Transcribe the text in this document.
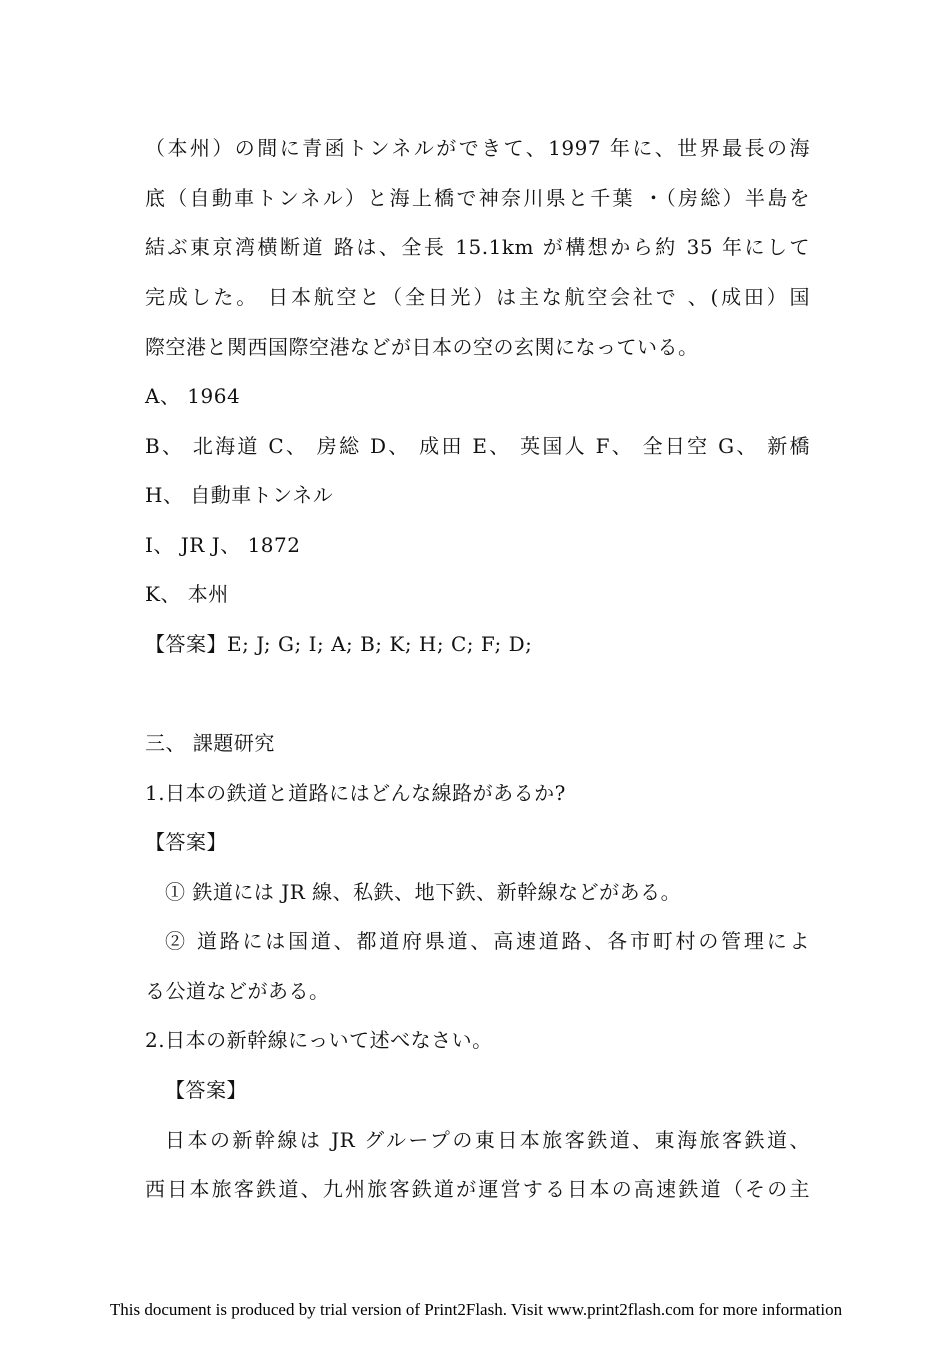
（本州）の間に青函トンネルができて、1997 年に、世界最長の海
底（自動車トンネル）と海上橋で神奈川県と千葉 ・（房総）半島を
結ぶ東京湾横断道 路は、全長 15.1km が構想から約 35 年にして
完成した。 日本航空と（全日光）は主な航空会社で 、(成田）国
際空港と関西国際空港などが日本の空の玄関になっている。
A、 1964
B、 北海道 C、 房総 D、 成田 E、 英国人 F、 全日空 G、 新橋
H、 自動車トンネル
I、 JR J、 1872
K、 本州
【答案】E; J; G; I; A; B; K; H; C; F; D;
三、 課題研究
1.日本の鉄道と道路にはどんな線路があるか?
【答案】
① 鉄道には JR 線、私鉄、地下鉄、新幹線などがある。
② 道路には国道、都道府県道、高速道路、各市町村の管理によ
る公道などがある。
2.日本の新幹線にっいて述べなさい。
【答案】
日本の新幹線は JR グループの東日本旅客鉄道、東海旅客鉄道、
西日本旅客鉄道、九州旅客鉄道が運営する日本の高速鉄道（その主
This document is produced by trial version of Print2Flash. Visit www.print2flash.com for more information
